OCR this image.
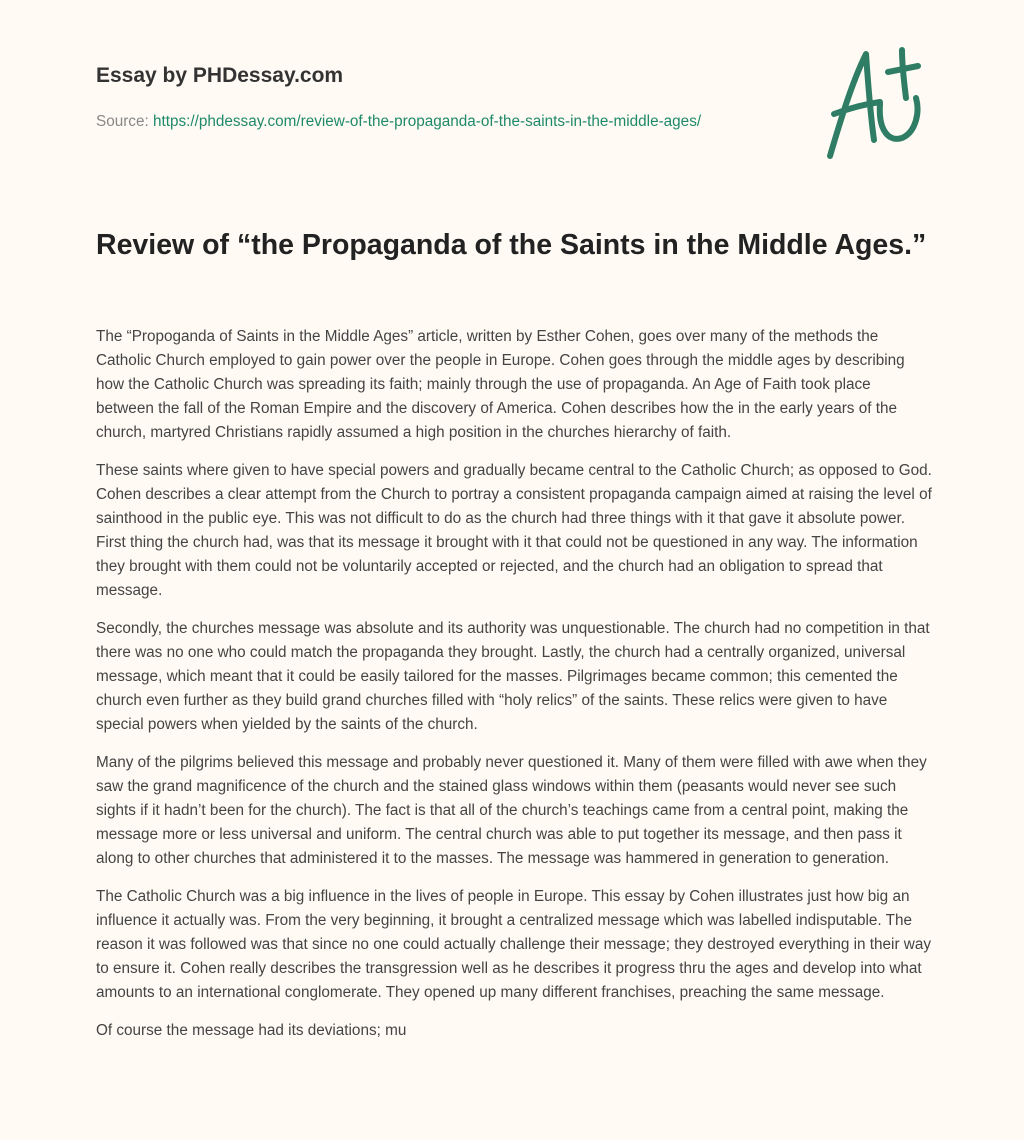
Essay by PHDessay.com
Source: https://phdessay.com/review-of-the-propaganda-of-the-saints-in-the-middle-ages/
Review of “the Propaganda of the Saints in the Middle Ages.”

The “Propoganda of Saints in the Middle Ages” article, written by Esther Cohen, goes over many of the methods the Catholic Church employed to gain power over the people in Europe. Cohen goes through the middle ages by describing how the Catholic Church was spreading its faith; mainly through the use of propaganda. An Age of Faith took place between the fall of the Roman Empire and the discovery of America. Cohen describes how the in the early years of the church, martyred Christians rapidly assumed a high position in the churches hierarchy of faith.

These saints where given to have special powers and gradually became central to the Catholic Church; as opposed to God. Cohen describes a clear attempt from the Church to portray a consistent propaganda campaign aimed at raising the level of sainthood in the public eye. This was not difficult to do as the church had three things with it that gave it absolute power. First thing the church had, was that its message it brought with it that could not be questioned in any way. The information they brought with them could not be voluntarily accepted or rejected, and the church had an obligation to spread that message.

Secondly, the churches message was absolute and its authority was unquestionable. The church had no competition in that there was no one who could match the propaganda they brought. Lastly, the church had a centrally organized, universal message, which meant that it could be easily tailored for the masses. Pilgrimages became common; this cemented the church even further as they build grand churches filled with “holy relics” of the saints. These relics were given to have special powers when yielded by the saints of the church.

Many of the pilgrims believed this message and probably never questioned it. Many of them were filled with awe when they saw the grand magnificence of the church and the stained glass windows within them (peasants would never see such sights if it hadn’t been for the church). The fact is that all of the church’s teachings came from a central point, making the message more or less universal and uniform. The central church was able to put together its message, and then pass it along to other churches that administered it to the masses. The message was hammered in generation to generation.

The Catholic Church was a big influence in the lives of people in Europe. This essay by Cohen illustrates just how big an influence it actually was. From the very beginning, it brought a centralized message which was labelled indisputable. The reason it was followed was that since no one could actually challenge their message; they destroyed everything in their way to ensure it. Cohen really describes the transgression well as he describes it progress thru the ages and develop into what amounts to an international conglomerate. They opened up many different franchises, preaching the same message.

Of course the message had its deviations; mu
